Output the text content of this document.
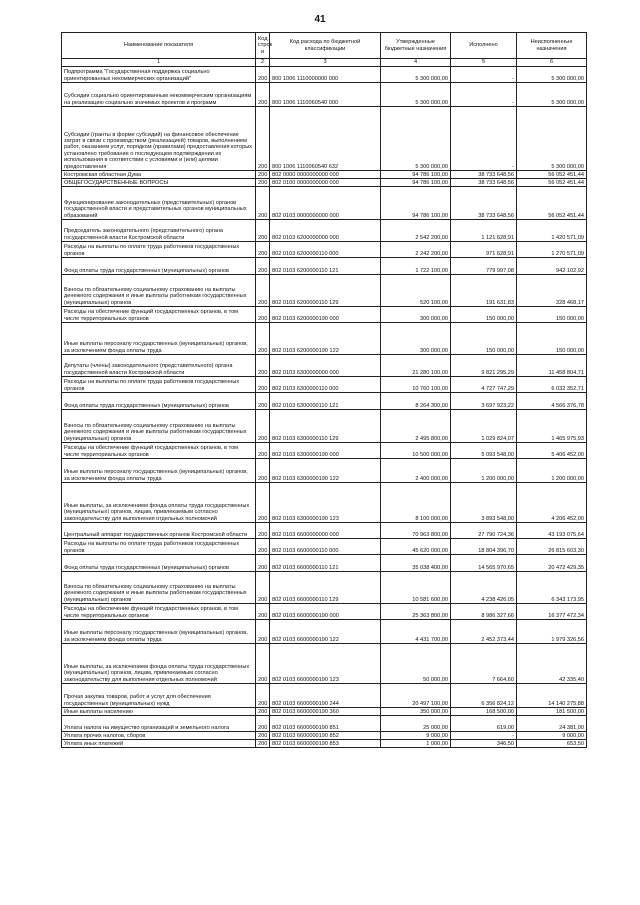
41
Наименование показателя	Код строк и	Код расхода по бюджетной классификации	Утвержденные бюджетные назначения	Исполнено	Неисполненные назначения
1	2	3	4	5	6
Подпрограмма "Государственная поддержка социально ориентированных некоммерческих организаций"	200	800 1006 1110000000 000	5 300 000,00	-	5 300 000,00
Субсидии социально ориентированным некоммерческим организациям на реализацию социально значимых проектов и программ	200	800 1006 1110060540 000	5 300 000,00	-	5 300 000,00
Субсидии (гранты в форме субсидий) на финансовое обеспечение затрат в связи с производством (реализацией) товаров, выполнением работ, оказанием услуг, порядком (правилами) предоставления которых установлено требование о последующем подтверждении их использования в соответствии с условиями и (или) целями предоставления	200	800 1006 1110060540 632	5 300 000,00	-	5 300 000,00
Костромская областная Дума	200	802 0000 0000000000 000	94 786 100,00	38 733 648,56	56 052 451,44
ОБЩЕГОСУДАРСТВЕННЫЕ ВОПРОСЫ	200	802 0100 0000000000 000	94 786 100,00	38 733 648,56	56 052 451,44
Функционирование законодательных (представительных) органов государственной власти и представительных органов муниципальных образований	200	802 0103 0000000000 000	94 786 100,00	38 733 648,56	56 052 451,44
Председатель законодательного (представительного) органа государственной власти Костромской области	200	802 0103 6200000000 000	2 542 200,00	1 121 628,91	1 420 571,09
Расходы на выплаты по оплате труда работников государственных органов	200	802 0103 6200000110 000	2 242 200,00	971 628,91	1 270 571,09
Фонд оплаты труда государственных (муниципальных) органов	200	802 0103 6200000110 121	1 722 100,00	779 997,08	942 102,92
Взносы по обязательному социальному страхованию на выплаты денежного содержания и иные выплаты работникам государственных (муниципальных) органов	200	802 0103 6200000110 129	520 100,00	191 631,83	328 468,17
Расходы на обеспечение функций государственных органов, в том числе территориальных органов	200	802 0103 6200000190 000	300 000,00	150 000,00	150 000,00
Иные выплаты персоналу государственных (муниципальных) органов, за исключением фонда оплаты труда	200	802 0103 6200000190 122	300 000,00	150 000,00	150 000,00
Депутаты (члены) законодательного (представительного) органа государственной власти Костромской области	200	802 0103 6300000000 000	21 280 100,00	9 821 295,29	11 458 804,71
Расходы на выплаты по оплате труда работников государственных органов	200	802 0103 6300000110 000	10 760 100,00	4 727 747,29	6 032 352,71
Фонд оплаты труда государственных (муниципальных) органов	200	802 0103 6300000110 121	8 264 300,00	3 697 923,22	4 566 376,78
Взносы по обязательному социальному страхованию на выплаты денежного содержания и иные выплаты работникам государственных (муниципальных) органов	200	802 0103 6300000110 129	2 495 800,00	1 029 824,07	1 465 975,93
Расходы на обеспечение функций государственных органов, в том числе территориальных органов	200	802 0103 6300000190 000	10 500 000,00	5 093 548,00	5 406 452,00
Иные выплаты персоналу государственных (муниципальных) органов, за исключением фонда оплаты труда	200	802 0103 6300000190 122	2 400 000,00	1 200 000,00	1 200 000,00
Иные выплаты, за исключением фонда оплаты труда государственных (муниципальных) органов, лицам, привлекаемым согласно законодательству для выполнения отдельных полномочий	200	802 0103 6300000190 123	8 100 000,00	3 893 548,00	4 206 452,00
Центральный аппарат государственных органов Костромской области	200	802 0103 6600000000 000	70 963 800,00	27 790 724,36	43 193 075,64
Расходы на выплаты по оплате труда работников государственных органов	200	802 0103 6600000110 000	45 620 000,00	18 804 396,70	26 815 603,30
Фонд оплаты труда государственных (муниципальных) органов	200	802 0103 6600000110 121	35 038 400,00	14 565 970,65	20 472 429,35
Взносы по обязательному социальному страхованию на выплаты денежного содержания и иные выплаты работникам государственных (муниципальных) органов	200	802 0103 6600000110 129	10 581 600,00	4 238 426,05	6 343 173,95
Расходы на обеспечение функций государственных органов, в том числе территориальных органов	200	802 0103 6600000190 000	25 363 800,00	8 986 327,66	16 377 472,34
Иные выплаты персоналу государственных (муниципальных) органов, за исключением фонда оплаты труда	200	802 0103 6600000190 122	4 431 700,00	2 452 373,44	1 979 326,56
Иные выплаты, за исключением фонда оплаты труда государственных (муниципальных) органов, лицам, привлекаемым согласно законодательству для выполнения отдельных полномочий	200	802 0103 6600000190 123	50 000,00	7 664,60	42 335,40
Прочая закупка товаров, работ и услуг для обеспечения государственных (муниципальных) нужд	200	802 0103 6600000190 244	20 497 100,00	6 356 824,12	14 140 275,88
Иные выплаты населению	200	802 0103 6600000190 360	350 000,00	168 500,00	181 500,00
Уплата налога на имущество организаций и земельного налога	200	802 0103 6600000190 851	25 000,00	619,00	24 381,00
Уплата прочих налогов, сборов	200	802 0103 6600000190 852	9 000,00	-	9 000,00
Уплата иных платежей	200	802 0103 6600000190 853	1 000,00	346,50	653,50
